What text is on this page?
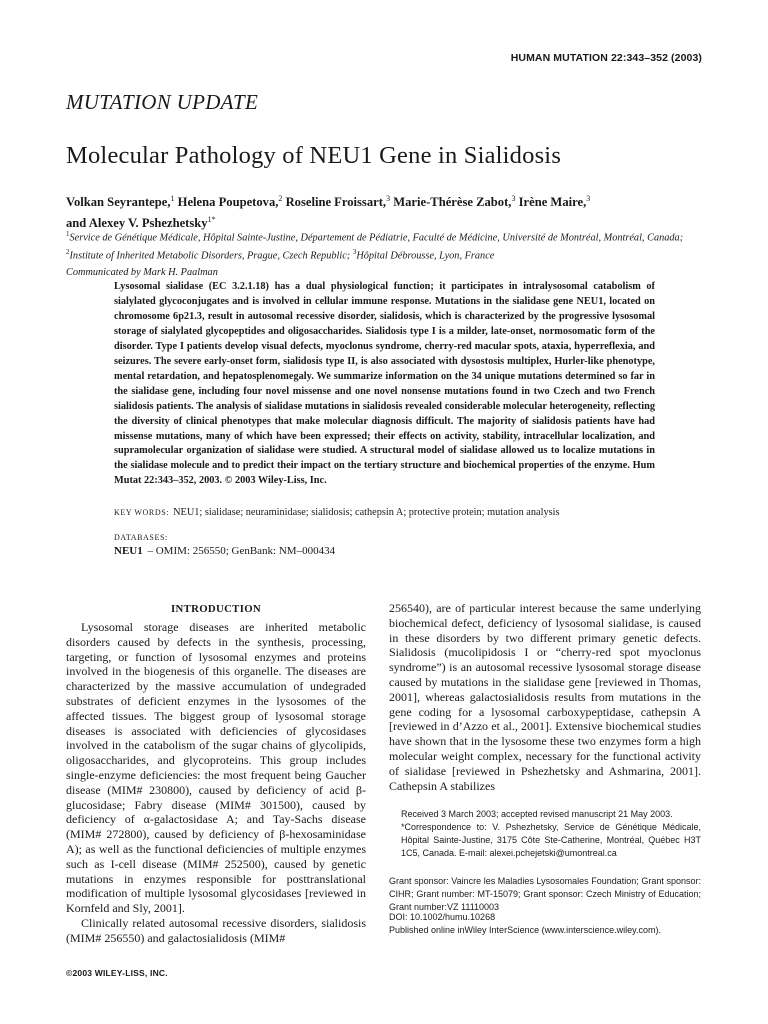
HUMAN MUTATION 22:343–352 (2003)
MUTATION UPDATE
Molecular Pathology of NEU1 Gene in Sialidosis
Volkan Seyrantepe,$^1$ Helena Poupetova,$^2$ Roseline Froissart,$^3$ Marie-Thérèse Zabot,$^3$ Irène Maire,$^3$
and Alexey V. Pshezhetsky$^{1*}$
$^1$Service de Génétique Médicale, Hôpital Sainte-Justine, Département de Pédiatrie, Faculté de Médicine, Université de Montréal, Montréal, Canada; $^2$Institute of Inherited Metabolic Disorders, Prague, Czech Republic; $^3$Hôpital Débrousse, Lyon, France
Communicated by Mark H. Paalman
Lysosomal sialidase (EC 3.2.1.18) has a dual physiological function; it participates in intralysosomal catabolism of sialylated glycoconjugates and is involved in cellular immune response. Mutations in the sialidase gene NEU1, located on chromosome 6p21.3, result in autosomal recessive disorder, sialidosis, which is characterized by the progressive lysosomal storage of sialylated glycopeptides and oligosaccharides. Sialidosis type I is a milder, late-onset, normosomatic form of the disorder. Type I patients develop visual defects, myoclonus syndrome, cherry-red macular spots, ataxia, hyperreflexia, and seizures. The severe early-onset form, sialidosis type II, is also associated with dysostosis multiplex, Hurler-like phenotype, mental retardation, and hepatosplenomegaly. We summarize information on the 34 unique mutations determined so far in the sialidase gene, including four novel missense and one novel nonsense mutations found in two Czech and two French sialidosis patients. The analysis of sialidase mutations in sialidosis revealed considerable molecular heterogeneity, reflecting the diversity of clinical phenotypes that make molecular diagnosis difficult. The majority of sialidosis patients have had missense mutations, many of which have been expressed; their effects on activity, stability, intracellular localization, and supramolecular organization of sialidase were studied. A structural model of sialidase allowed us to localize mutations in the sialidase molecule and to predict their impact on the tertiary structure and biochemical properties of the enzyme. Hum Mutat 22:343–352, 2003. © 2003 Wiley-Liss, Inc.
KEY WORDS: NEU1; sialidase; neuraminidase; sialidosis; cathepsin A; protective protein; mutation analysis
DATABASES:
NEU1 – OMIM: 256550; GenBank: NM–000434
INTRODUCTION

Lysosomal storage diseases are inherited metabolic disorders caused by defects in the synthesis, processing, targeting, or function of lysosomal enzymes and proteins involved in the biogenesis of this organelle. The diseases are characterized by the massive accumulation of undegraded substrates of deficient enzymes in the lysosomes of the affected tissues. The biggest group of lysosomal storage diseases is associated with deficiencies of glycosidases involved in the catabolism of the sugar chains of glycolipids, oligosaccharides, and glycoproteins. This group includes single-enzyme deficiencies: the most frequent being Gaucher disease (MIM# 230800), caused by deficiency of acid β-glucosidase; Fabry disease (MIM# 301500), caused by deficiency of α-galactosidase A; and Tay-Sachs disease (MIM# 272800), caused by deficiency of β-hexosaminidase A); as well as the functional deficiencies of multiple enzymes such as I-cell disease (MIM# 252500), caused by genetic mutations in enzymes responsible for posttranslational modification of multiple lysosomal glycosidases [reviewed in Kornfeld and Sly, 2001].

Clinically related autosomal recessive disorders, sialidosis (MIM# 256550) and galactosialidosis (MIM#

256540), are of particular interest because the same underlying biochemical defect, deficiency of lysosomal sialidase, is caused in these disorders by two different primary genetic defects. Sialidosis (mucolipidosis I or “cherry-red spot myoclonus syndrome”) is an autosomal recessive lysosomal storage disease caused by mutations in the sialidase gene [reviewed in Thomas, 2001], whereas galactosialidosis results from mutations in the gene coding for a lysosomal carboxypeptidase, cathepsin A [reviewed in d’Azzo et al., 2001]. Extensive biochemical studies have shown that in the lysosome these two enzymes form a high molecular weight complex, necessary for the functional activity of sialidase [reviewed in Pshezhetsky and Ashmarina, 2001]. Cathepsin A stabilizes

Received 3 March 2003; accepted revised manuscript 21 May 2003.
*Correspondence to: V. Pshezhetsky, Service de Génétique Médicale, Hôpital Sainte-Justine, 3175 Côte Ste-Catherine, Montréal, Québec H3T 1C5, Canada. E-mail: alexei.pchejetski@umontreal.ca
Grant sponsor: Vaincre les Maladies Lysosomales Foundation; Grant sponsor: CIHR; Grant number: MT-15079; Grant sponsor: Czech Ministry of Education; Grant number:VZ 11110003
DOI: 10.1002/humu.10268
Published online inWiley InterScience (www.interscience.wiley.com).
©2003 WILEY-LISS, INC.
